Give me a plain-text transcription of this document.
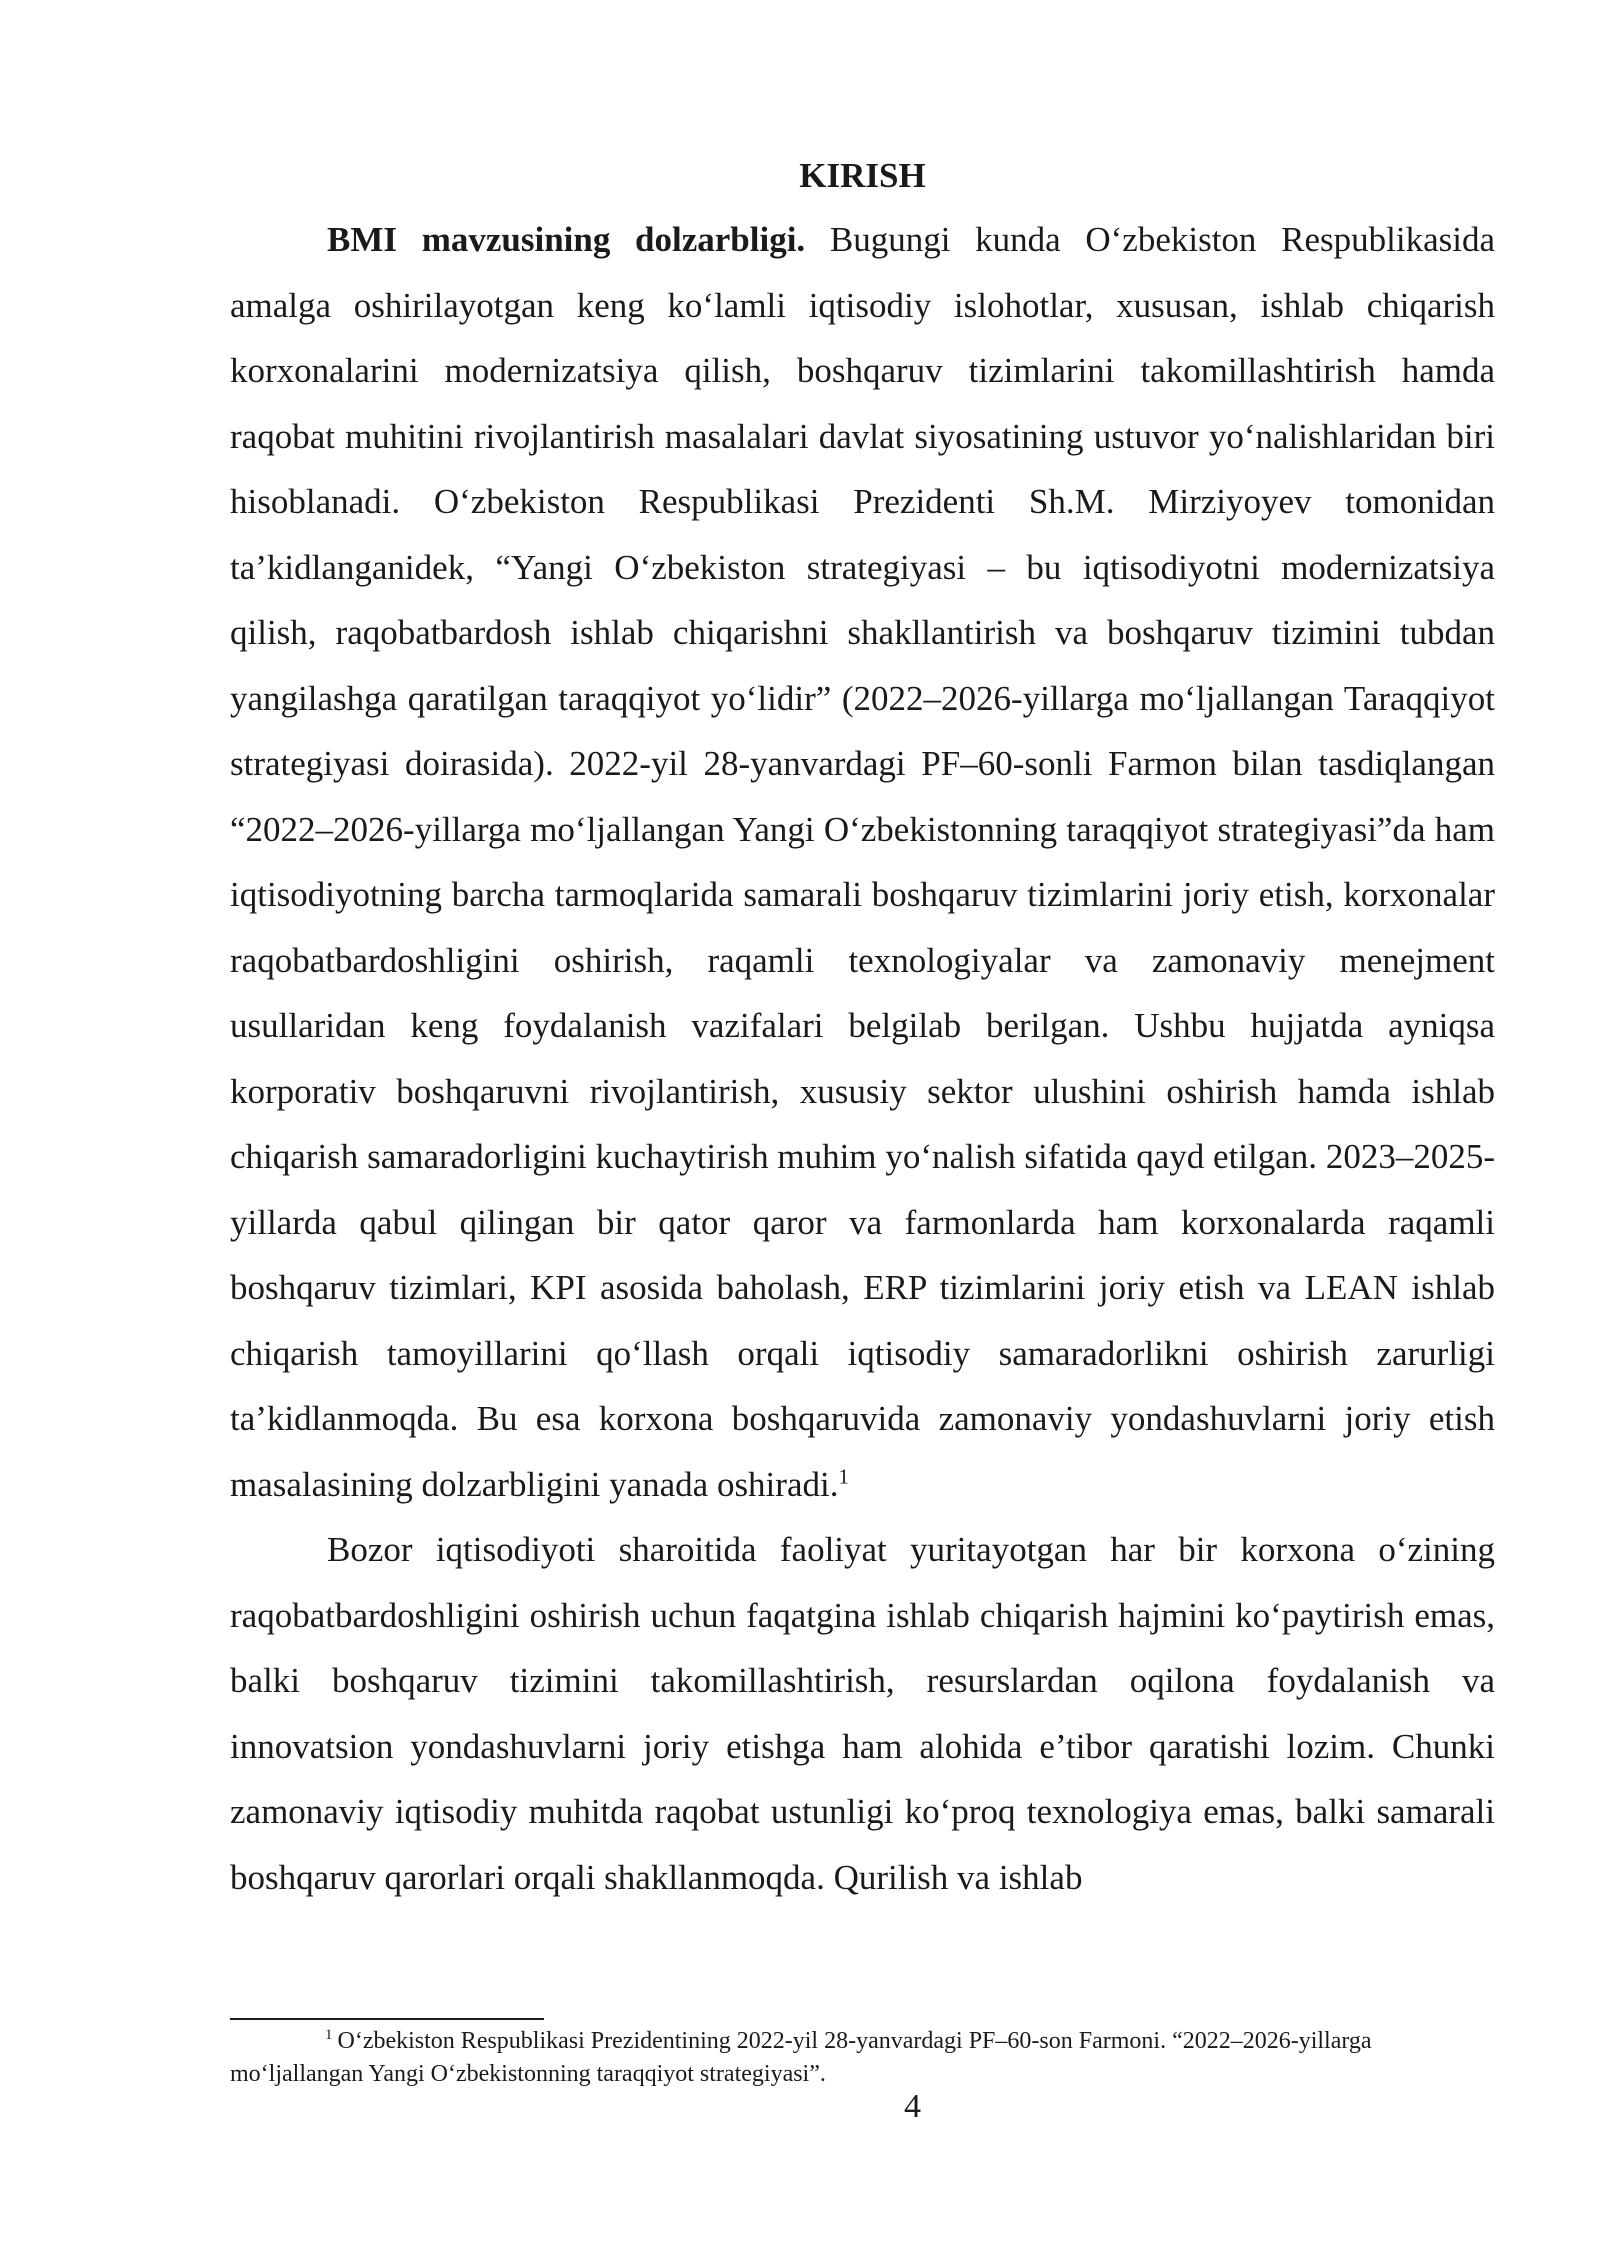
KIRISH

BMI mavzusining dolzarbligi. Bugungi kunda O‘zbekiston Respublikasida amalga oshirilayotgan keng ko‘lamli iqtisodiy islohotlar, xususan, ishlab chiqarish korxonalarini modernizatsiya qilish, boshqaruv tizimlarini takomillashtirish hamda raqobat muhitini rivojlantirish masalalari davlat siyosatining ustuvor yo‘nalishlaridan biri hisoblanadi. O‘zbekiston Respublikasi Prezidenti Sh.M. Mirziyoyev tomonidan ta’kidlanganidek, “Yangi O‘zbekiston strategiyasi – bu iqtisodiyotni modernizatsiya qilish, raqobatbardosh ishlab chiqarishni shakllantirish va boshqaruv tizimini tubdan yangilashga qaratilgan taraqqiyot yo‘lidir” (2022–2026-yillarga mo‘ljallangan Taraqqiyot strategiyasi doirasida). 2022-yil 28-yanvardagi PF–60-sonli Farmon bilan tasdiqlangan “2022–2026-yillarga mo‘ljallangan Yangi O‘zbekistonning taraqqiyot strategiyasi”da ham iqtisodiyotning barcha tarmoqlarida samarali boshqaruv tizimlarini joriy etish, korxonalar raqobatbardoshligini oshirish, raqamli texnologiyalar va zamonaviy menejment usullaridan keng foydalanish vazifalari belgilab berilgan. Ushbu hujjatda ayniqsa korporativ boshqaruvni rivojlantirish, xususiy sektor ulushini oshirish hamda ishlab chiqarish samaradorligini kuchaytirish muhim yo‘nalish sifatida qayd etilgan. 2023–2025-yillarda qabul qilingan bir qator qaror va farmonlarda ham korxonalarda raqamli boshqaruv tizimlari, KPI asosida baholash, ERP tizimlarini joriy etish va LEAN ishlab chiqarish tamoyillarini qo‘llash orqali iqtisodiy samaradorlikni oshirish zarurligi ta’kidlanmoqda. Bu esa korxona boshqaruvida zamonaviy yondashuvlarni joriy etish masalasining dolzarbligini yanada oshiradi.$^1$

Bozor iqtisodiyoti sharoitida faoliyat yuritayotgan har bir korxona o‘zining raqobatbardoshligini oshirish uchun faqatgina ishlab chiqarish hajmini ko‘paytirish emas, balki boshqaruv tizimini takomillashtirish, resurslardan oqilona foydalanish va innovatsion yondashuvlarni joriy etishga ham alohida e’tibor qaratishi lozim. Chunki zamonaviy iqtisodiy muhitda raqobat ustunligi ko‘proq texnologiya emas, balki samarali boshqaruv qarorlari orqali shakllanmoqda. Qurilish va ishlab

$^1$ O‘zbekiston Respublikasi Prezidentining 2022-yil 28-yanvardagi PF–60-son Farmoni. “2022–2026-yillarga mo‘ljallangan Yangi O‘zbekistonning taraqqiyot strategiyasi”.

4
